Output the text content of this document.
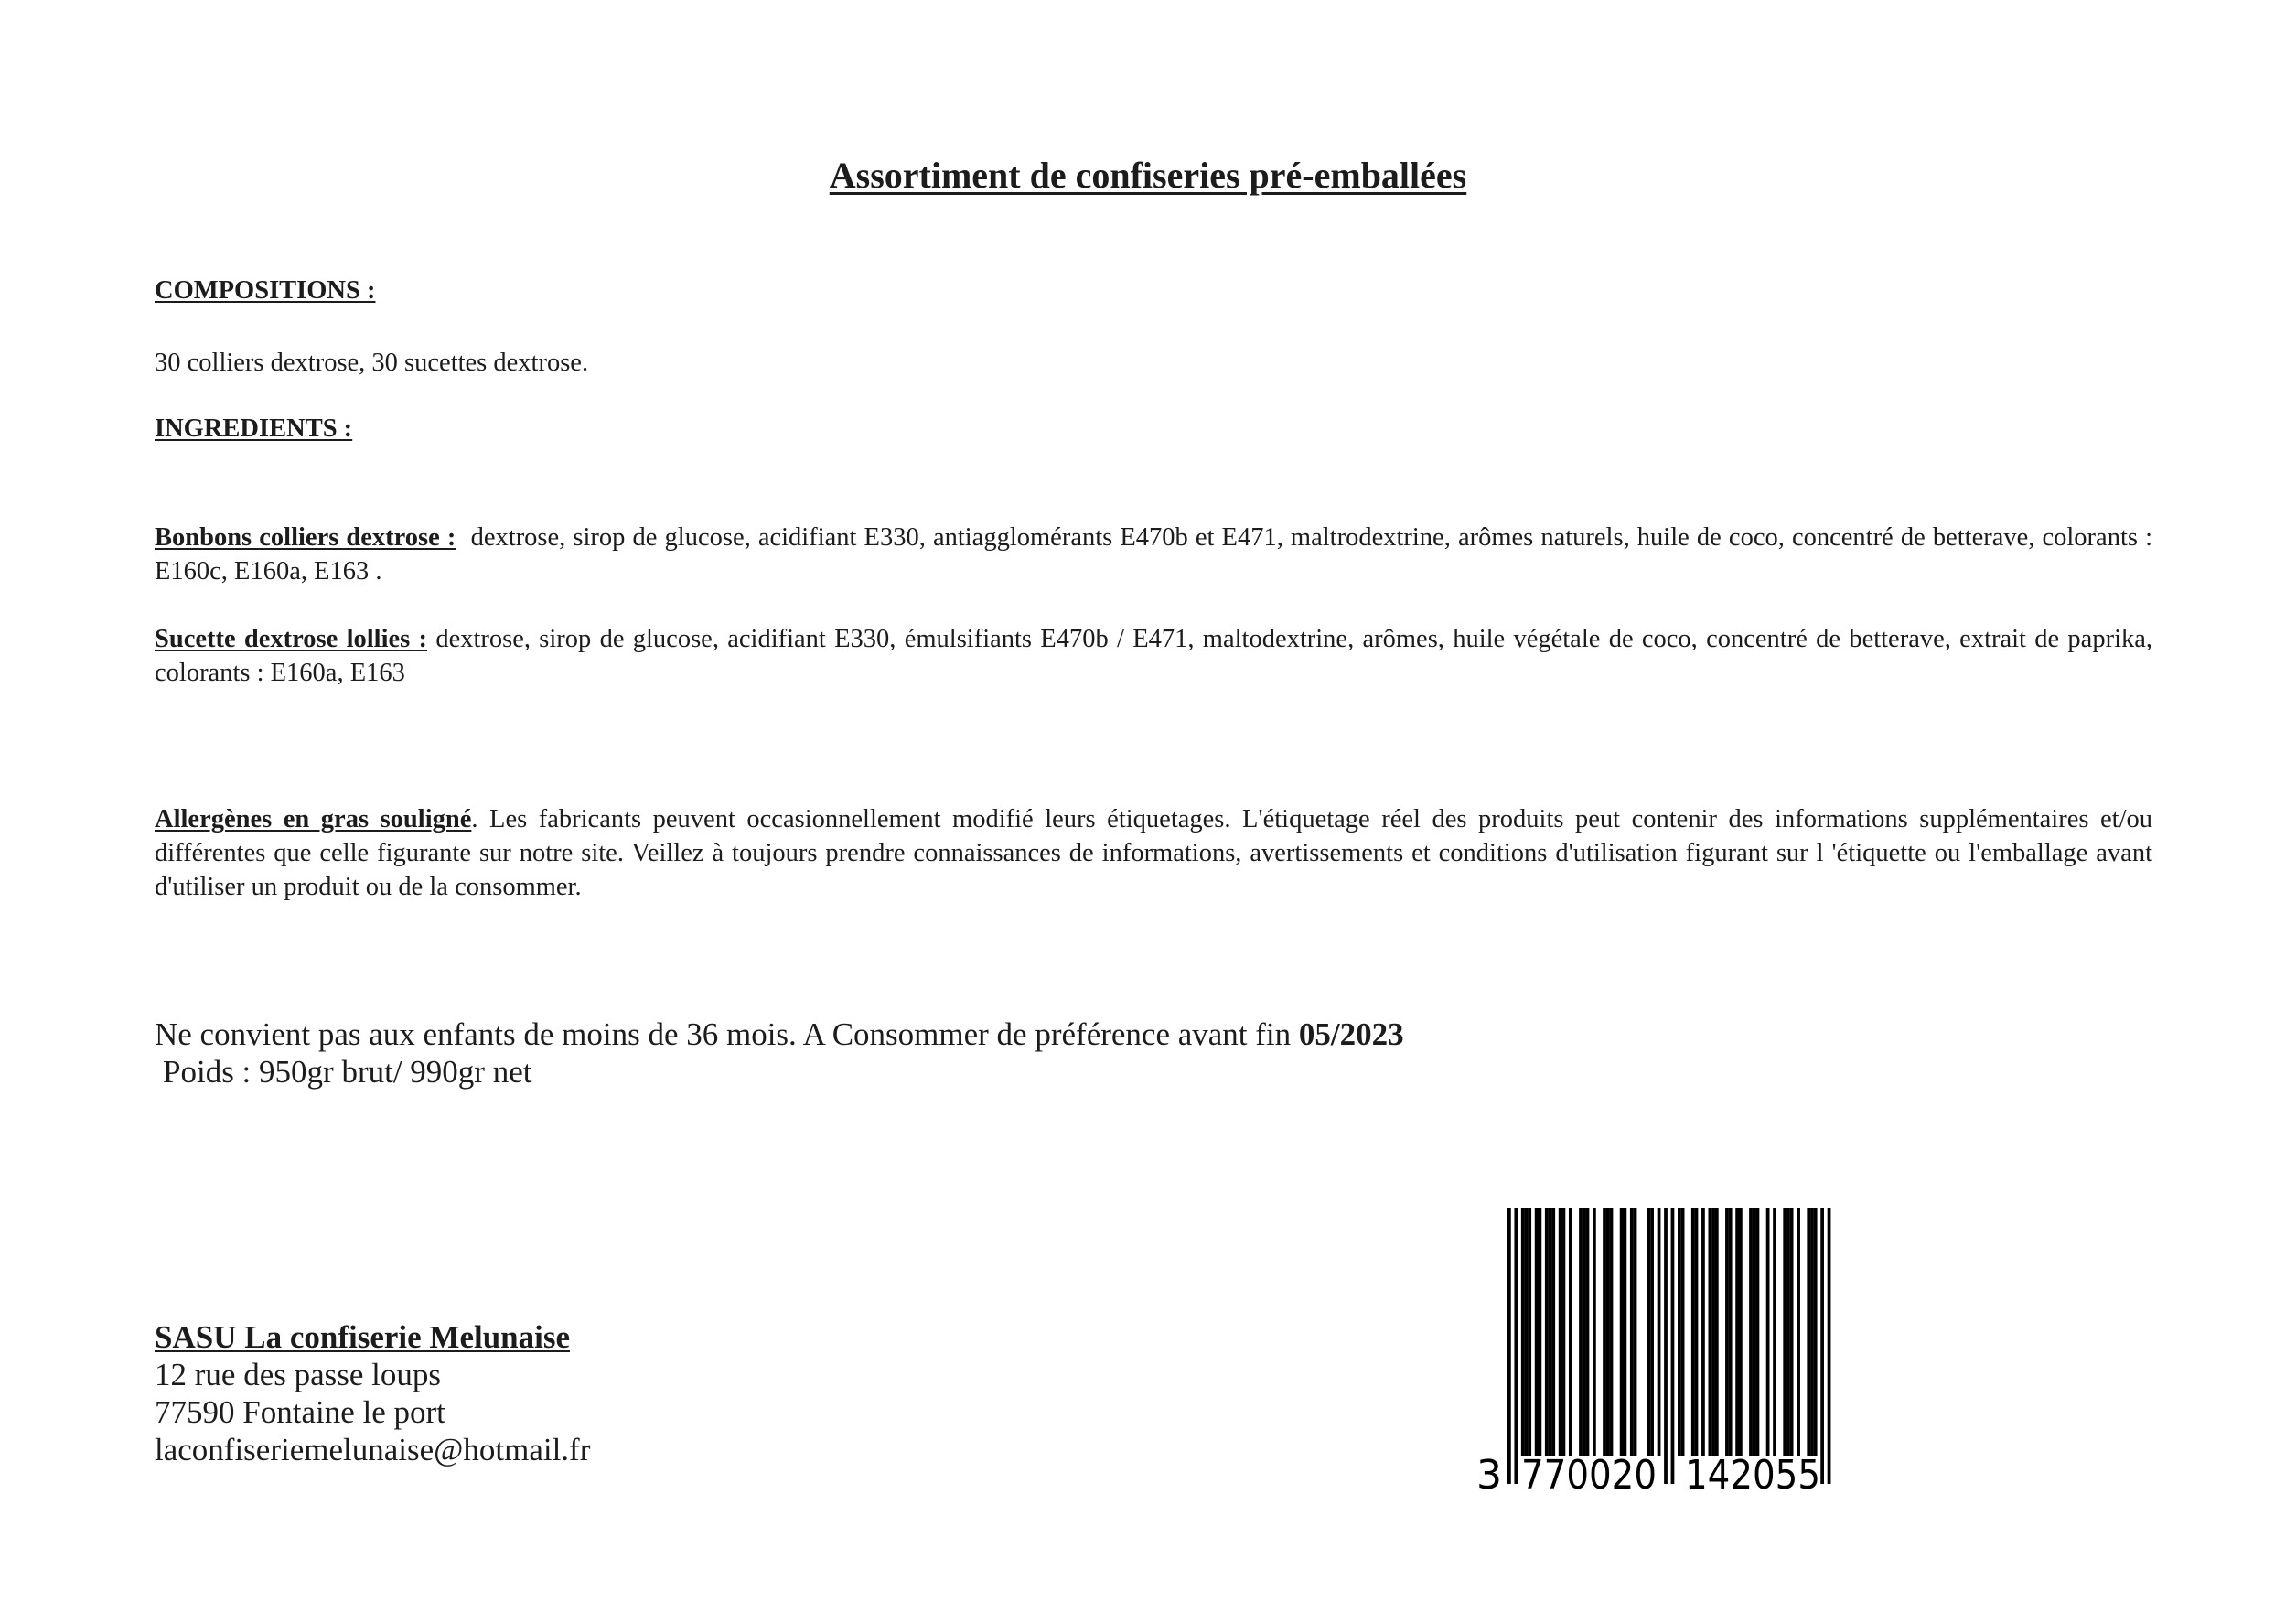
Assortiment de confiseries pré-emballées
COMPOSITIONS :
30 colliers dextrose, 30 sucettes dextrose.
INGREDIENTS :
Bonbons colliers dextrose : dextrose, sirop de glucose, acidifiant E330, antiagglomérants E470b et E471, maltrodextrine, arômes naturels, huile de coco, concentré de betterave, colorants : E160c, E160a, E163 .
Sucette dextrose lollies : dextrose, sirop de glucose, acidifiant E330, émulsifiants E470b / E471, maltodextrine, arômes, huile végétale de coco, concentré de betterave, extrait de paprika, colorants : E160a, E163
Allergènes en gras souligné. Les fabricants peuvent occasionnellement modifié leurs étiquetages. L'étiquetage réel des produits peut contenir des informations supplémentaires et/ou différentes que celle figurante sur notre site. Veillez à toujours prendre connaissances de informations, avertissements et conditions d'utilisation figurant sur l 'étiquette ou l'emballage avant d'utiliser un produit ou de la consommer.
Ne convient pas aux enfants de moins de 36 mois. A Consommer de préférence avant fin 05/2023
Poids : 950gr brut/ 990gr net
SASU La confiserie Melunaise
12 rue des passe loups
77590 Fontaine le port
laconfiseriemelunaise@hotmail.fr
3 770020 142055
